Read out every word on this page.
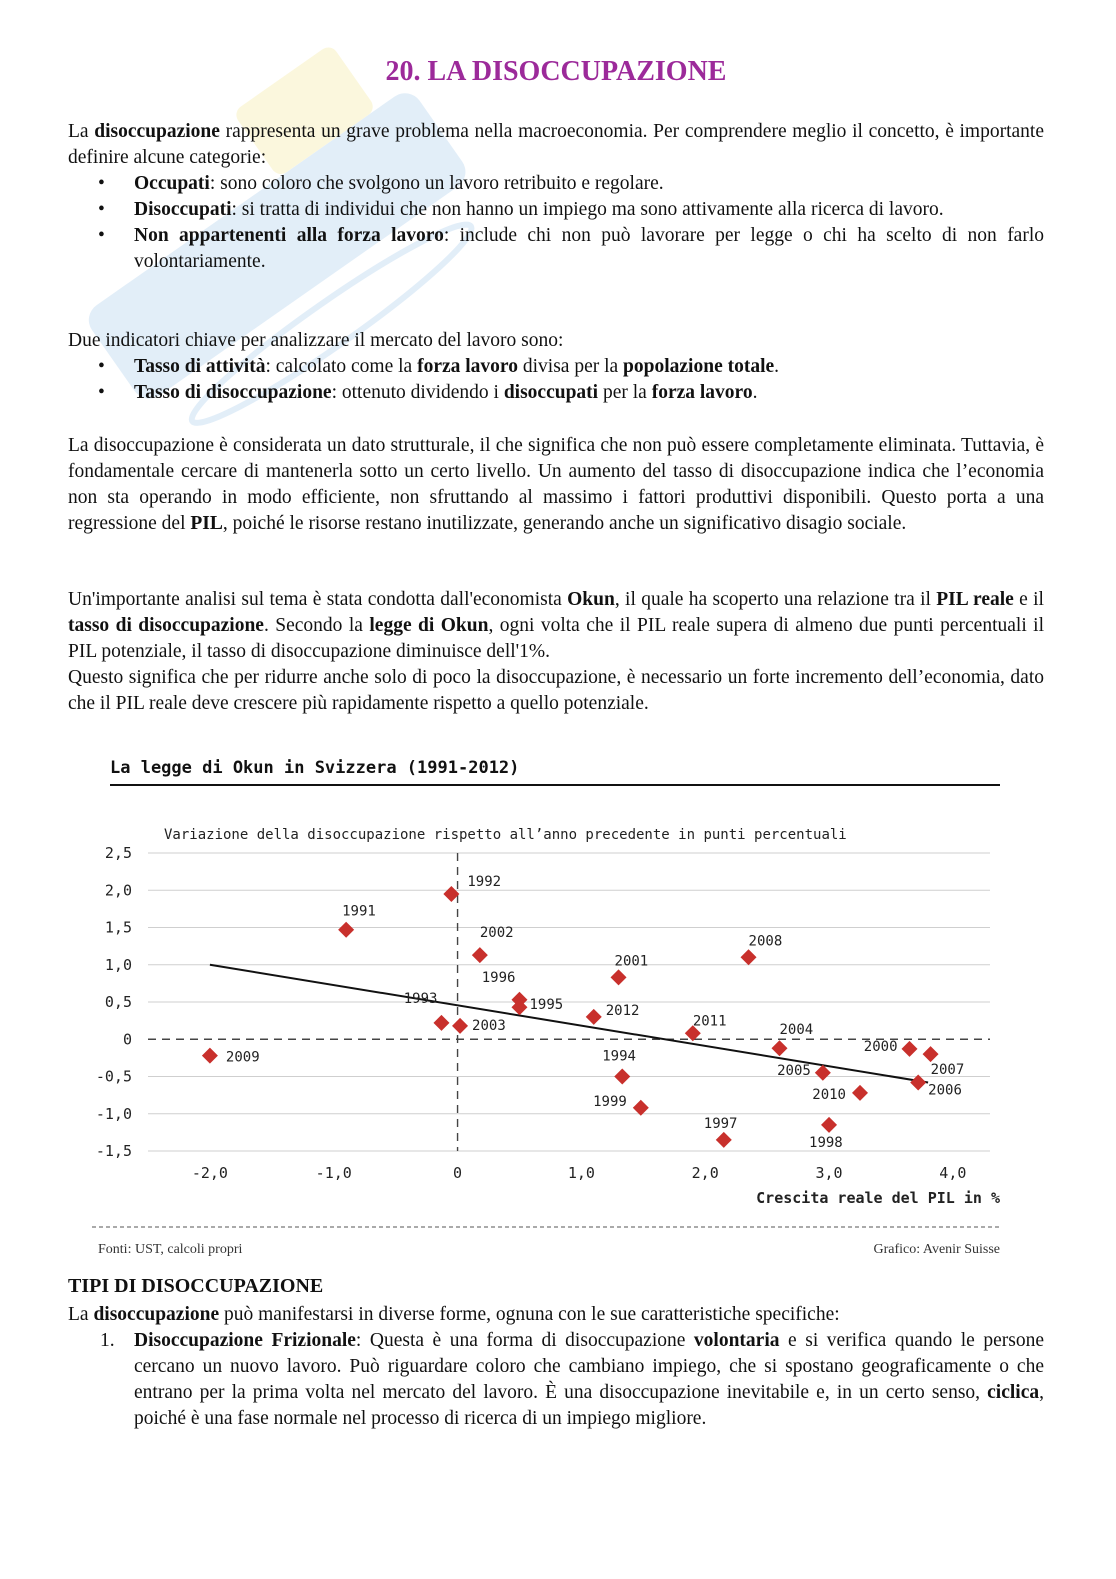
20. LA DISOCCUPAZIONE

La disoccupazione rappresenta un grave problema nella macroeconomia. Per comprendere meglio il concetto, è importante definire alcune categorie:

• Occupati: sono coloro che svolgono un lavoro retribuito e regolare.
• Disoccupati: si tratta di individui che non hanno un impiego ma sono attivamente alla ricerca di lavoro.
• Non appartenenti alla forza lavoro: include chi non può lavorare per legge o chi ha scelto di non farlo volontariamente.

Due indicatori chiave per analizzare il mercato del lavoro sono:

• Tasso di attività: calcolato come la forza lavoro divisa per la popolazione totale.
• Tasso di disoccupazione: ottenuto dividendo i disoccupati per la forza lavoro.

La disoccupazione è considerata un dato strutturale, il che significa che non può essere completamente eliminata. Tuttavia, è fondamentale cercare di mantenerla sotto un certo livello. Un aumento del tasso di disoccupazione indica che l’economia non sta operando in modo efficiente, non sfruttando al massimo i fattori produttivi disponibili. Questo porta a una regressione del PIL, poiché le risorse restano inutilizzate, generando anche un significativo disagio sociale.

Un'importante analisi sul tema è stata condotta dall'economista Okun, il quale ha scoperto una relazione tra il PIL reale e il tasso di disoccupazione. Secondo la legge di Okun, ogni volta che il PIL reale supera di almeno due punti percentuali il PIL potenziale, il tasso di disoccupazione diminuisce dell'1%.

Questo significa che per ridurre anche solo di poco la disoccupazione, è necessario un forte incremento dell’economia, dato che il PIL reale deve crescere più rapidamente rispetto a quello potenziale.

La legge di Okun in Svizzera (1991-2012)
Variazione della disoccupazione rispetto all’anno precedente in punti percentuali
2,5
2,0
1,5
1,0
0,5
0
-0,5
-1,0
-1,5
-2,0	-1,0	0	1,0	2,0	3,0	4,0
1991
1992
1993
2003
2002
1996
1995	2012
2001
1994
1999
2011
1997
2008
2004
2005
1998
2010
2000
2007
2006
2009
Crescita reale del PIL in %
Fonti: UST, calcoli propri	Grafico: Avenir Suisse
TIPI DI DISOCCUPAZIONE

La disoccupazione può manifestarsi in diverse forme, ognuna con le sue caratteristiche specifiche:

1. Disoccupazione Frizionale: Questa è una forma di disoccupazione volontaria e si verifica quando le persone cercano un nuovo lavoro. Può riguardare coloro che cambiano impiego, che si spostano geograficamente o che entrano per la prima volta nel mercato del lavoro. È una disoccupazione inevitabile e, in un certo senso, ciclica, poiché è una fase normale nel processo di ricerca di un impiego migliore.
